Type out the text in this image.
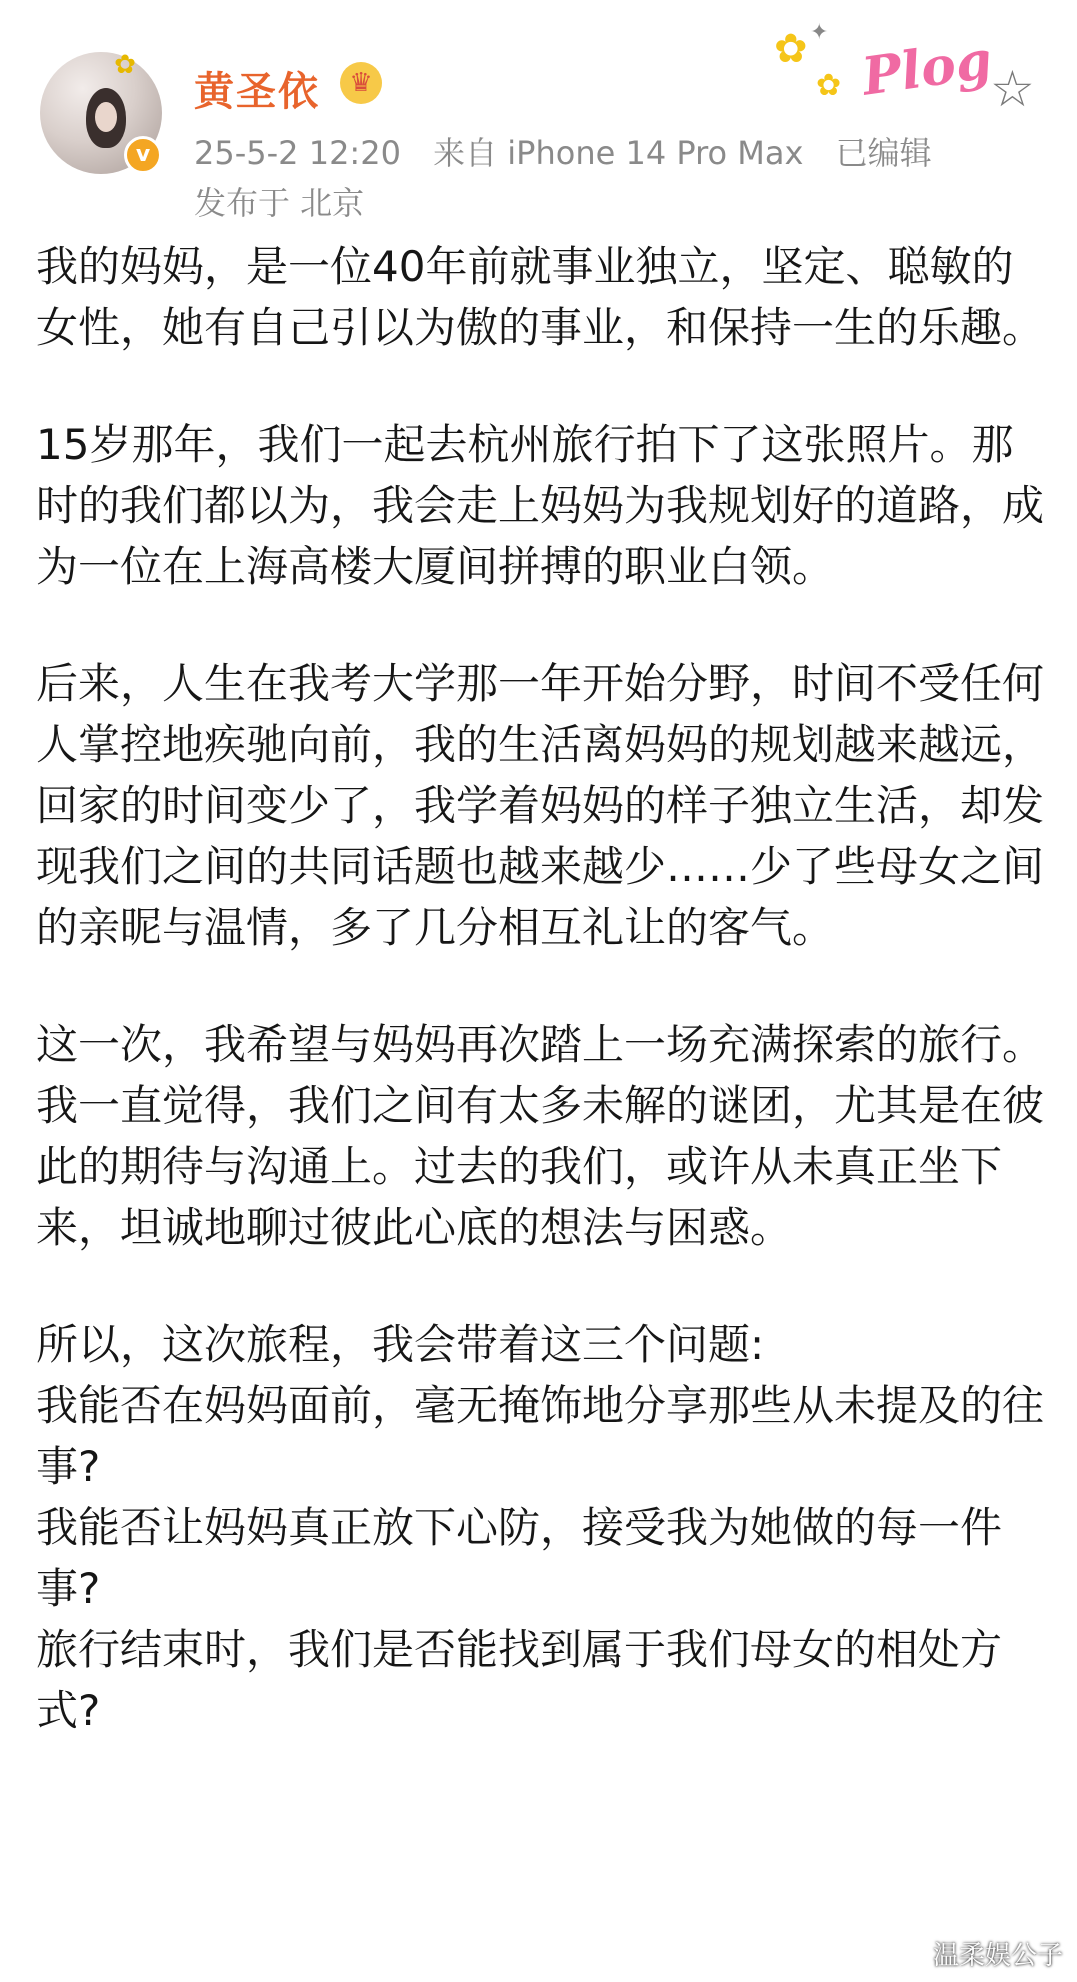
✿
v
黄圣依	♛
25-5-2 12:20 来自 iPhone 14 Pro Max 已编辑
发布于 北京
✿
✿
✦ Plog
☆

我的妈妈，是一位40年前就事业独立，坚定、聪敏的女性，她有自己引以为傲的事业，和保持一生的乐趣。

15岁那年，我们一起去杭州旅行拍下了这张照片。那时的我们都以为，我会走上妈妈为我规划好的道路，成为一位在上海高楼大厦间拼搏的职业白领。

后来，人生在我考大学那一年开始分野，时间不受任何人掌控地疾驰向前，我的生活离妈妈的规划越来越远，回家的时间变少了，我学着妈妈的样子独立生活，却发现我们之间的共同话题也越来越少……少了些母女之间的亲昵与温情，多了几分相互礼让的客气。

这一次，我希望与妈妈再次踏上一场充满探索的旅行。我一直觉得，我们之间有太多未解的谜团，尤其是在彼此的期待与沟通上。过去的我们，或许从未真正坐下来，坦诚地聊过彼此心底的想法与困惑。

所以，这次旅程，我会带着这三个问题:

我能否在妈妈面前，毫无掩饰地分享那些从未提及的往事?

我能否让妈妈真正放下心防，接受我为她做的每一件事?

旅行结束时，我们是否能找到属于我们母女的相处方式?

温柔娱公子
